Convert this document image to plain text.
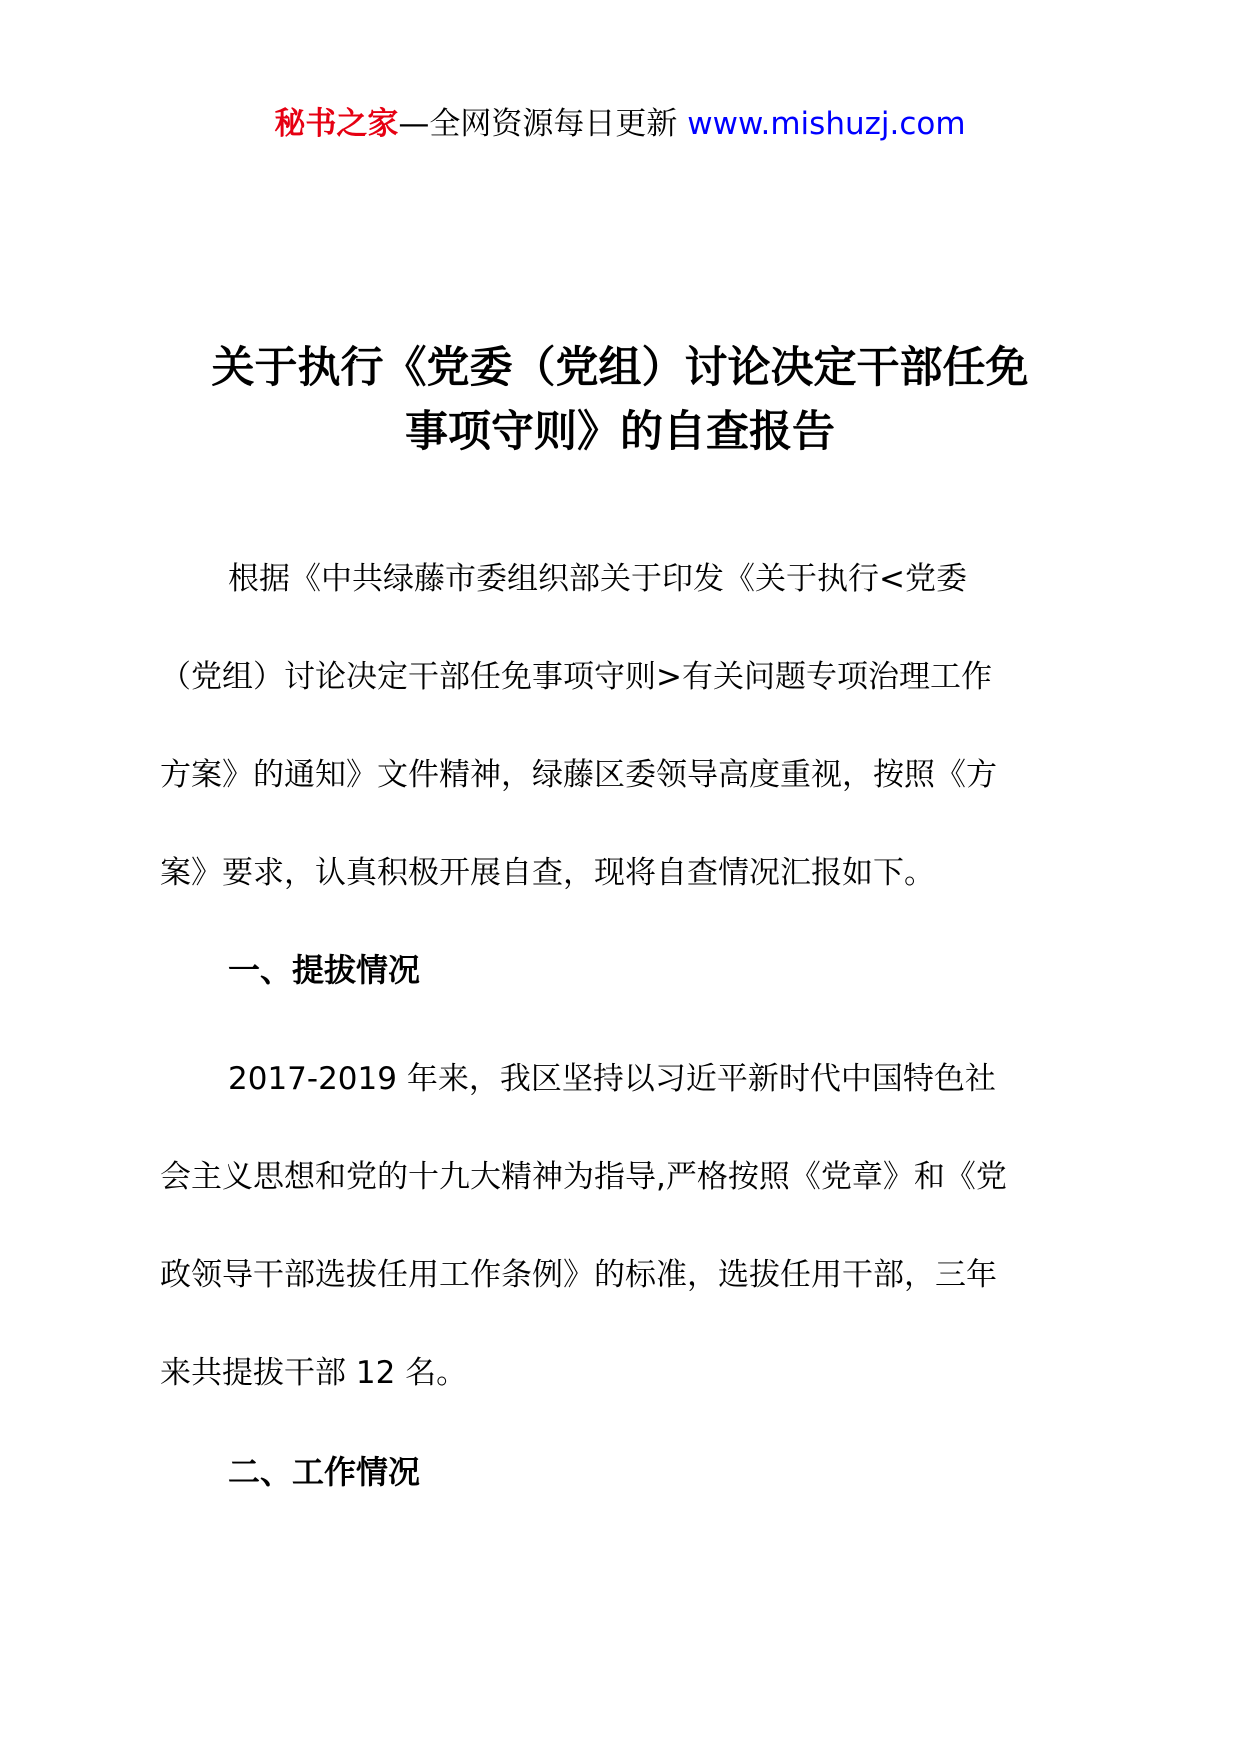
秘书之家—全网资源每日更新 www.mishuzj.com
关于执行《党委（党组）讨论决定干部任免
事项守则》的自查报告
根据《中共绿藤市委组织部关于印发《关于执行<党委
（党组）讨论决定干部任免事项守则>有关问题专项治理工作
方案》的通知》文件精神，绿藤区委领导高度重视，按照《方
案》要求，认真积极开展自查，现将自查情况汇报如下。
一、提拔情况
2017-2019 年来，我区坚持以习近平新时代中国特色社
会主义思想和党的十九大精神为指导,严格按照《党章》和《党
政领导干部选拔任用工作条例》的标准，选拔任用干部，三年
来共提拔干部 12 名。
二、工作情况
